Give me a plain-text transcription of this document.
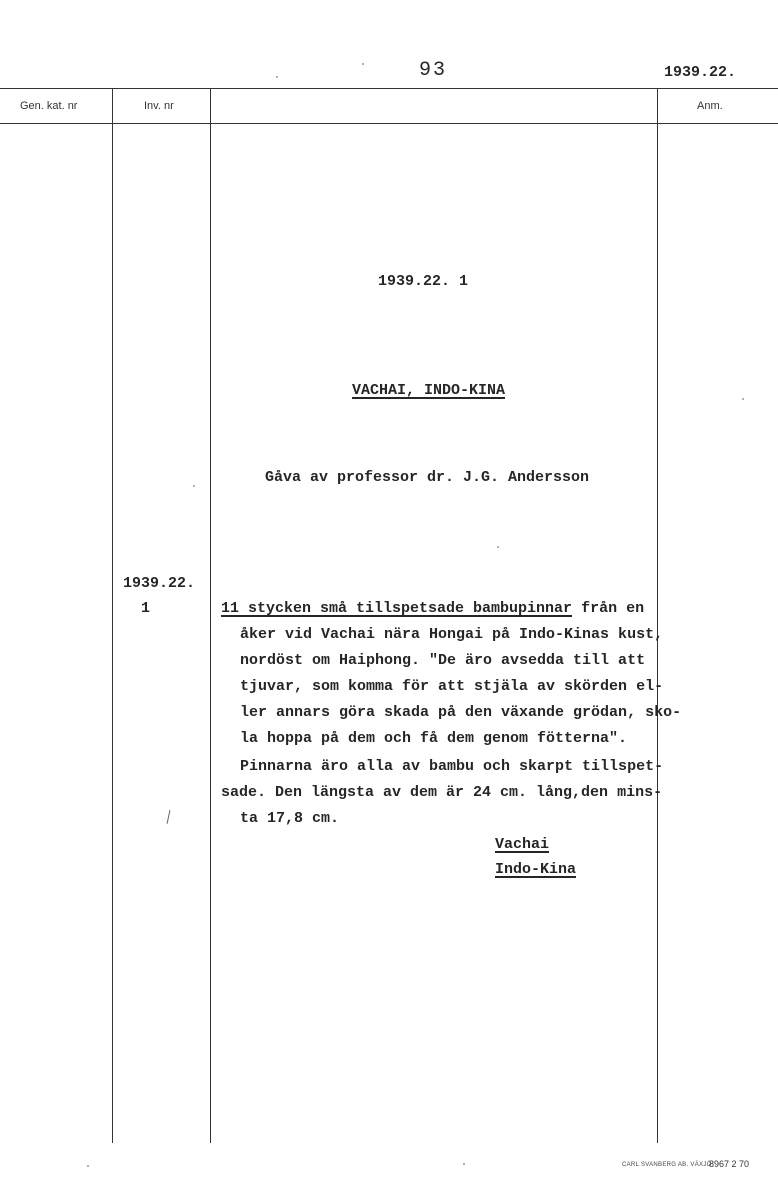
93	1939.22.
Gen. kat. nr	Inv. nr	Anm.
1939.22. 1
VACHAI, INDO-KINA
Gåva av professor dr. J.G. Andersson
1939.22.
1	11 stycken små tillspetsade bambupinnar från en
åker vid Vachai nära Hongai på Indo-Kinas kust,
nordöst om Haiphong. "De äro avsedda till att
tjuvar, som komma för att stjäla av skörden el-
ler annars göra skada på den växande grödan, sko-
la hoppa på dem och få dem genom fötterna".
Pinnarna äro alla av bambu och skarpt tillspet-
sade. Den längsta av dem är 24 cm. lång,den mins-
ta 17,8 cm.
Vachai
Indo-Kina
CARL SVANBERG AB. VÄXJÖ
8967 2 70
